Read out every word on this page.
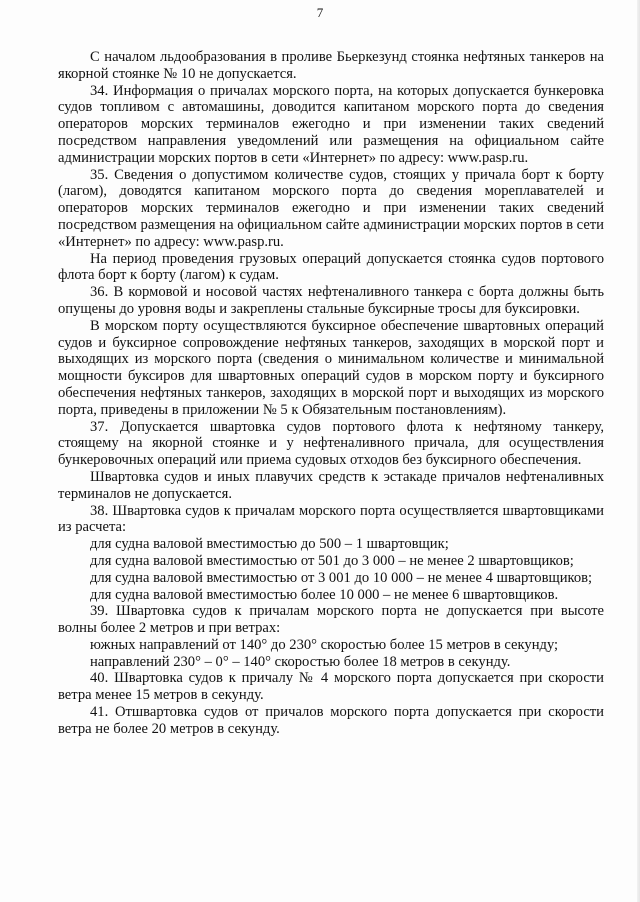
7

С началом льдообразования в проливе Бьеркезунд стоянка нефтяных танкеров на якорной стоянке № 10 не допускается.

34. Информация о причалах морского порта, на которых допускается бункеровка судов топливом с автомашины, доводится капитаном морского порта до сведения операторов морских терминалов ежегодно и при изменении таких сведений посредством направления уведомлений или размещения на официальном сайте администрации морских портов в сети «Интернет» по адресу: www.pasp.ru.

35. Сведения о допустимом количестве судов, стоящих у причала борт к борту (лагом), доводятся капитаном морского порта до сведения мореплавателей и операторов морских терминалов ежегодно и при изменении таких сведений посредством размещения на официальном сайте администрации морских портов в сети «Интернет» по адресу: www.pasp.ru.

На период проведения грузовых операций допускается стоянка судов портового флота борт к борту (лагом) к судам.

36. В кормовой и носовой частях нефтеналивного танкера с борта должны быть опущены до уровня воды и закреплены стальные буксирные тросы для буксировки.

В морском порту осуществляются буксирное обеспечение швартовных операций судов и буксирное сопровождение нефтяных танкеров, заходящих в морской порт и выходящих из морского порта (сведения о минимальном количестве и минимальной мощности буксиров для швартовных операций судов в морском порту и буксирного обеспечения нефтяных танкеров, заходящих в морской порт и выходящих из морского порта, приведены в приложении № 5 к Обязательным постановлениям).

37. Допускается швартовка судов портового флота к нефтяному танкеру, стоящему на якорной стоянке и у нефтеналивного причала, для осуществления бункеровочных операций или приема судовых отходов без буксирного обеспечения.

Швартовка судов и иных плавучих средств к эстакаде причалов нефтеналивных терминалов не допускается.

38. Швартовка судов к причалам морского порта осуществляется швартовщиками из расчета:

для судна валовой вместимостью до 500 – 1 швартовщик;

для судна валовой вместимостью от 501 до 3 000 – не менее 2 швартовщиков;

для судна валовой вместимостью от 3 001 до 10 000 – не менее 4 швартовщиков;

для судна валовой вместимостью более 10 000 – не менее 6 швартовщиков.

39. Швартовка судов к причалам морского порта не допускается при высоте волны более 2 метров и при ветрах:

южных направлений от 140° до 230° скоростью более 15 метров в секунду;

направлений 230° – 0° – 140° скоростью более 18 метров в секунду.

40. Швартовка судов к причалу № 4 морского порта допускается при скорости ветра менее 15 метров в секунду.

41. Отшвартовка судов от причалов морского порта допускается при скорости ветра не более 20 метров в секунду.
